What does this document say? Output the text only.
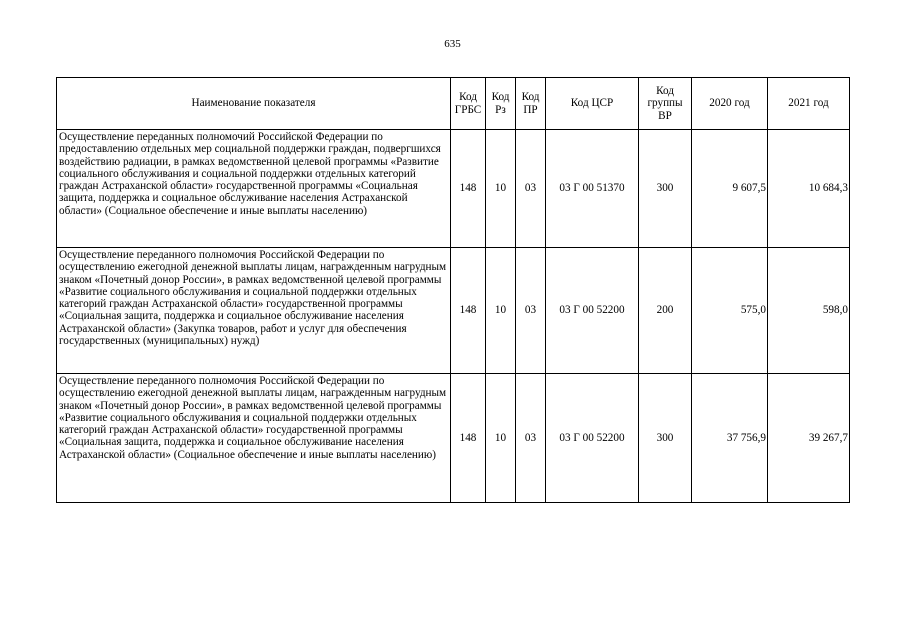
635
Наименование показателя	Код ГРБС	Код Рз	Код ПР	Код ЦСР	Код группы ВР	2020 год	2021 год
Осуществление переданных полномочий Российской Федерации по предоставлению отдельных мер социальной поддержки граждан, подвергшихся воздействию радиации, в рамках ведомственной целевой программы «Развитие социального обслуживания и социальной поддержки отдельных категорий граждан Астраханской области» государственной программы «Социальная защита, поддержка и социальное обслуживание населения Астраханской области» (Социальное обеспечение и иные выплаты населению)	148	10	03	03 Г 00 51370	300	9 607,5	10 684,3
Осуществление переданного полномочия Российской Федерации по осуществлению ежегодной денежной выплаты лицам, награжденным нагрудным знаком «Почетный донор России», в рамках ведомственной целевой программы «Развитие социального обслуживания и социальной поддержки отдельных категорий граждан Астраханской области» государственной программы «Социальная защита, поддержка и социальное обслуживание населения Астраханской области» (Закупка товаров, работ и услуг для обеспечения государственных (муниципальных) нужд)	148	10	03	03 Г 00 52200	200	575,0	598,0
Осуществление переданного полномочия Российской Федерации по осуществлению ежегодной денежной выплаты лицам, награжденным нагрудным знаком «Почетный донор России», в рамках ведомственной целевой программы «Развитие социального обслуживания и социальной поддержки отдельных категорий граждан Астраханской области» государственной программы «Социальная защита, поддержка и социальное обслуживание населения Астраханской области» (Социальное обеспечение и иные выплаты населению)	148	10	03	03 Г 00 52200	300	37 756,9	39 267,7
